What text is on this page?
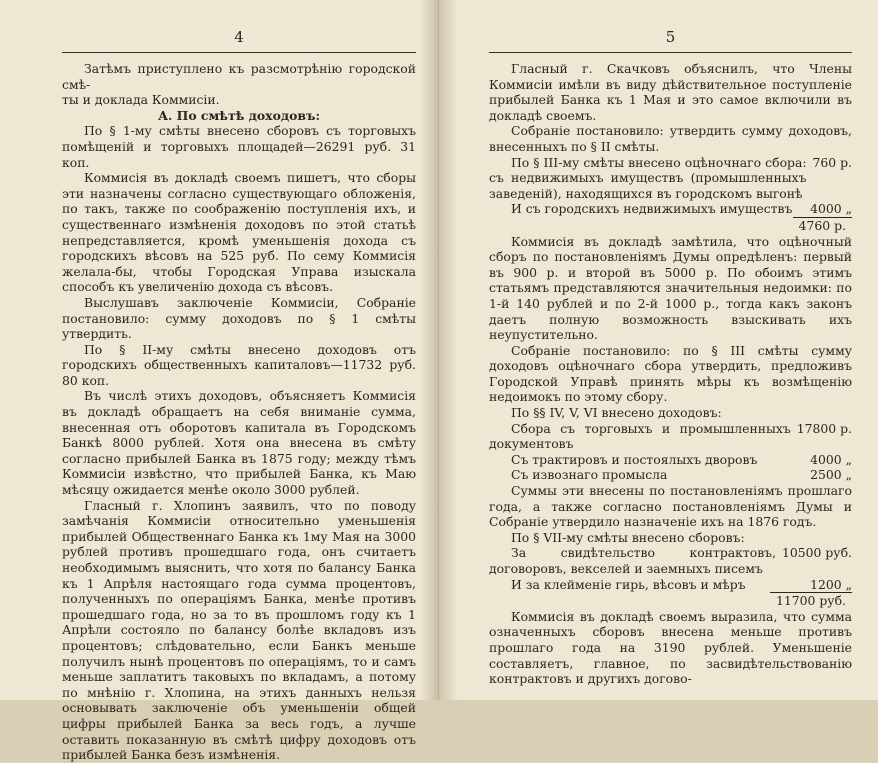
4

Затѣмъ приступлено къ разсмотрѣнію городской смѣ-

ты и доклада Коммисіи.

А. По смѣтѣ доходовъ:

По § 1-му смѣты внесено сборовъ съ торговыхъ помѣщеній и торговыхъ площадей—26291 руб. 31 коп.

Коммисія въ докладѣ своемъ пишетъ, что сборы эти назначены согласно существующаго обложенія, по такъ, также по соображенію поступленія ихъ, и существеннаго измѣненія доходовъ по этой статьѣ непредставляется, кромѣ уменьшенія дохода съ городскихъ вѣсовъ на 525 руб. По сему Коммисія желала-бы, чтобы Городская Управа изыскала способъ къ увеличенію дохода съ вѣсовъ.

Выслушавъ заключеніе Коммисіи, Собраніе постановило: сумму доходовъ по § 1 смѣты утвердить.

По § II-му смѣты внесено доходовъ отъ городскихъ общественныхъ капиталовъ—11732 руб. 80 коп.

Въ числѣ этихъ доходовъ, объясняетъ Коммисія въ докладѣ обращаетъ на себя вниманіе сумма, внесенная отъ оборотовъ капитала въ Городскомъ Банкѣ 8000 рублей. Хотя она внесена въ смѣту согласно прибылей Банка въ 1875 году; между тѣмъ Коммисіи извѣстно, что прибылей Банка, къ Маю мѣсяцу ожидается менѣе около 3000 рублей.

Гласный г. Хлопинъ заявилъ, что по поводу замѣчанія Коммисіи относительно уменьшенія прибылей Общественнаго Банка къ 1му Мая на 3000 рублей противъ прошедшаго года, онъ считаетъ необходимымъ выяснить, что хотя по балансу Банка къ 1 Апрѣля настоящаго года сумма процентовъ, полученныхъ по операціямъ Банка, менѣе противъ прошедшаго года, но за то въ прошломъ году къ 1 Апрѣли состояло по балансу болѣе вкладовъ изъ процентовъ; слѣдовательно, если Банкъ меньше получилъ нынѣ процентовъ по операціямъ, то и самъ меньше заплатитъ таковыхъ по вкладамъ, а потому по мнѣнію г. Хлопина, на этихъ данныхъ нельзя основывать заключеніе объ уменьшеніи общей цифры прибылей Банка за весь годъ, а лучше оставить показанную въ смѣтѣ цифру доходовъ отъ прибылей Банка безъ измѣненія.

5

Гласный г. Скачковъ объяснилъ, что Члены Коммисіи имѣли въ виду дѣйствительное поступленіе прибылей Банка къ 1 Мая и это самое включили въ докладѣ своемъ.

Собраніе постановило: утвердить сумму доходовъ, внесенныхъ по § II смѣты.

По § III-му смѣты внесено оцѣночнаго сбора: съ недвижимыхъ имуществъ (промышленныхъ заведеній), находящихся въ городскомъ выгонѣ
760 р.
И съ городскихъ недвижимыхъ имуществъ	4000 „
4760 р.

Коммисія въ докладѣ замѣтила, что оцѣночный сборъ по постановленіямъ Думы опредѣленъ: первый въ 900 р. и второй въ 5000 р. По обоимъ этимъ статьямъ представляются значительныя недоимки: по 1-й 140 рублей и по 2-й 1000 р., тогда какъ законъ даетъ полную возможность взыскивать ихъ неупустительно.

Собраніе постановило: по § III смѣты сумму доходовъ оцѣночнаго сбора утвердить, предложивъ Городской Управѣ принять мѣры къ возмѣщенію недоимокъ по этому сбору.

По §§ IV, V, VI внесено доходовъ:

Сбора съ торговыхъ и промышленныхъ документовъ
17800 р.
Съ трактировъ и постоялыхъ дворовъ	4000 „
Съ извознаго промысла	2500 „

Суммы эти внесены по постановленіямъ прошлаго года, а также согласно постановленіямъ Думы и Собраніе утвердило назначеніе ихъ на 1876 годъ.

По § VII-му смѣты внесено сборовъ:

За свидѣтельство контрактовъ, договоровъ, векселей и заемныхъ писемъ
10500 руб.
И за клейменіе гирь, вѣсовъ и мѣръ	1200 „
11700 руб.

Коммисія въ докладѣ своемъ выразила, что сумма означенныхъ сборовъ внесена меньше противъ прошлаго года на 3190 рублей. Уменьшеніе составляетъ, главное, по засвидѣтельствованію контрактовъ и другихъ догово-
